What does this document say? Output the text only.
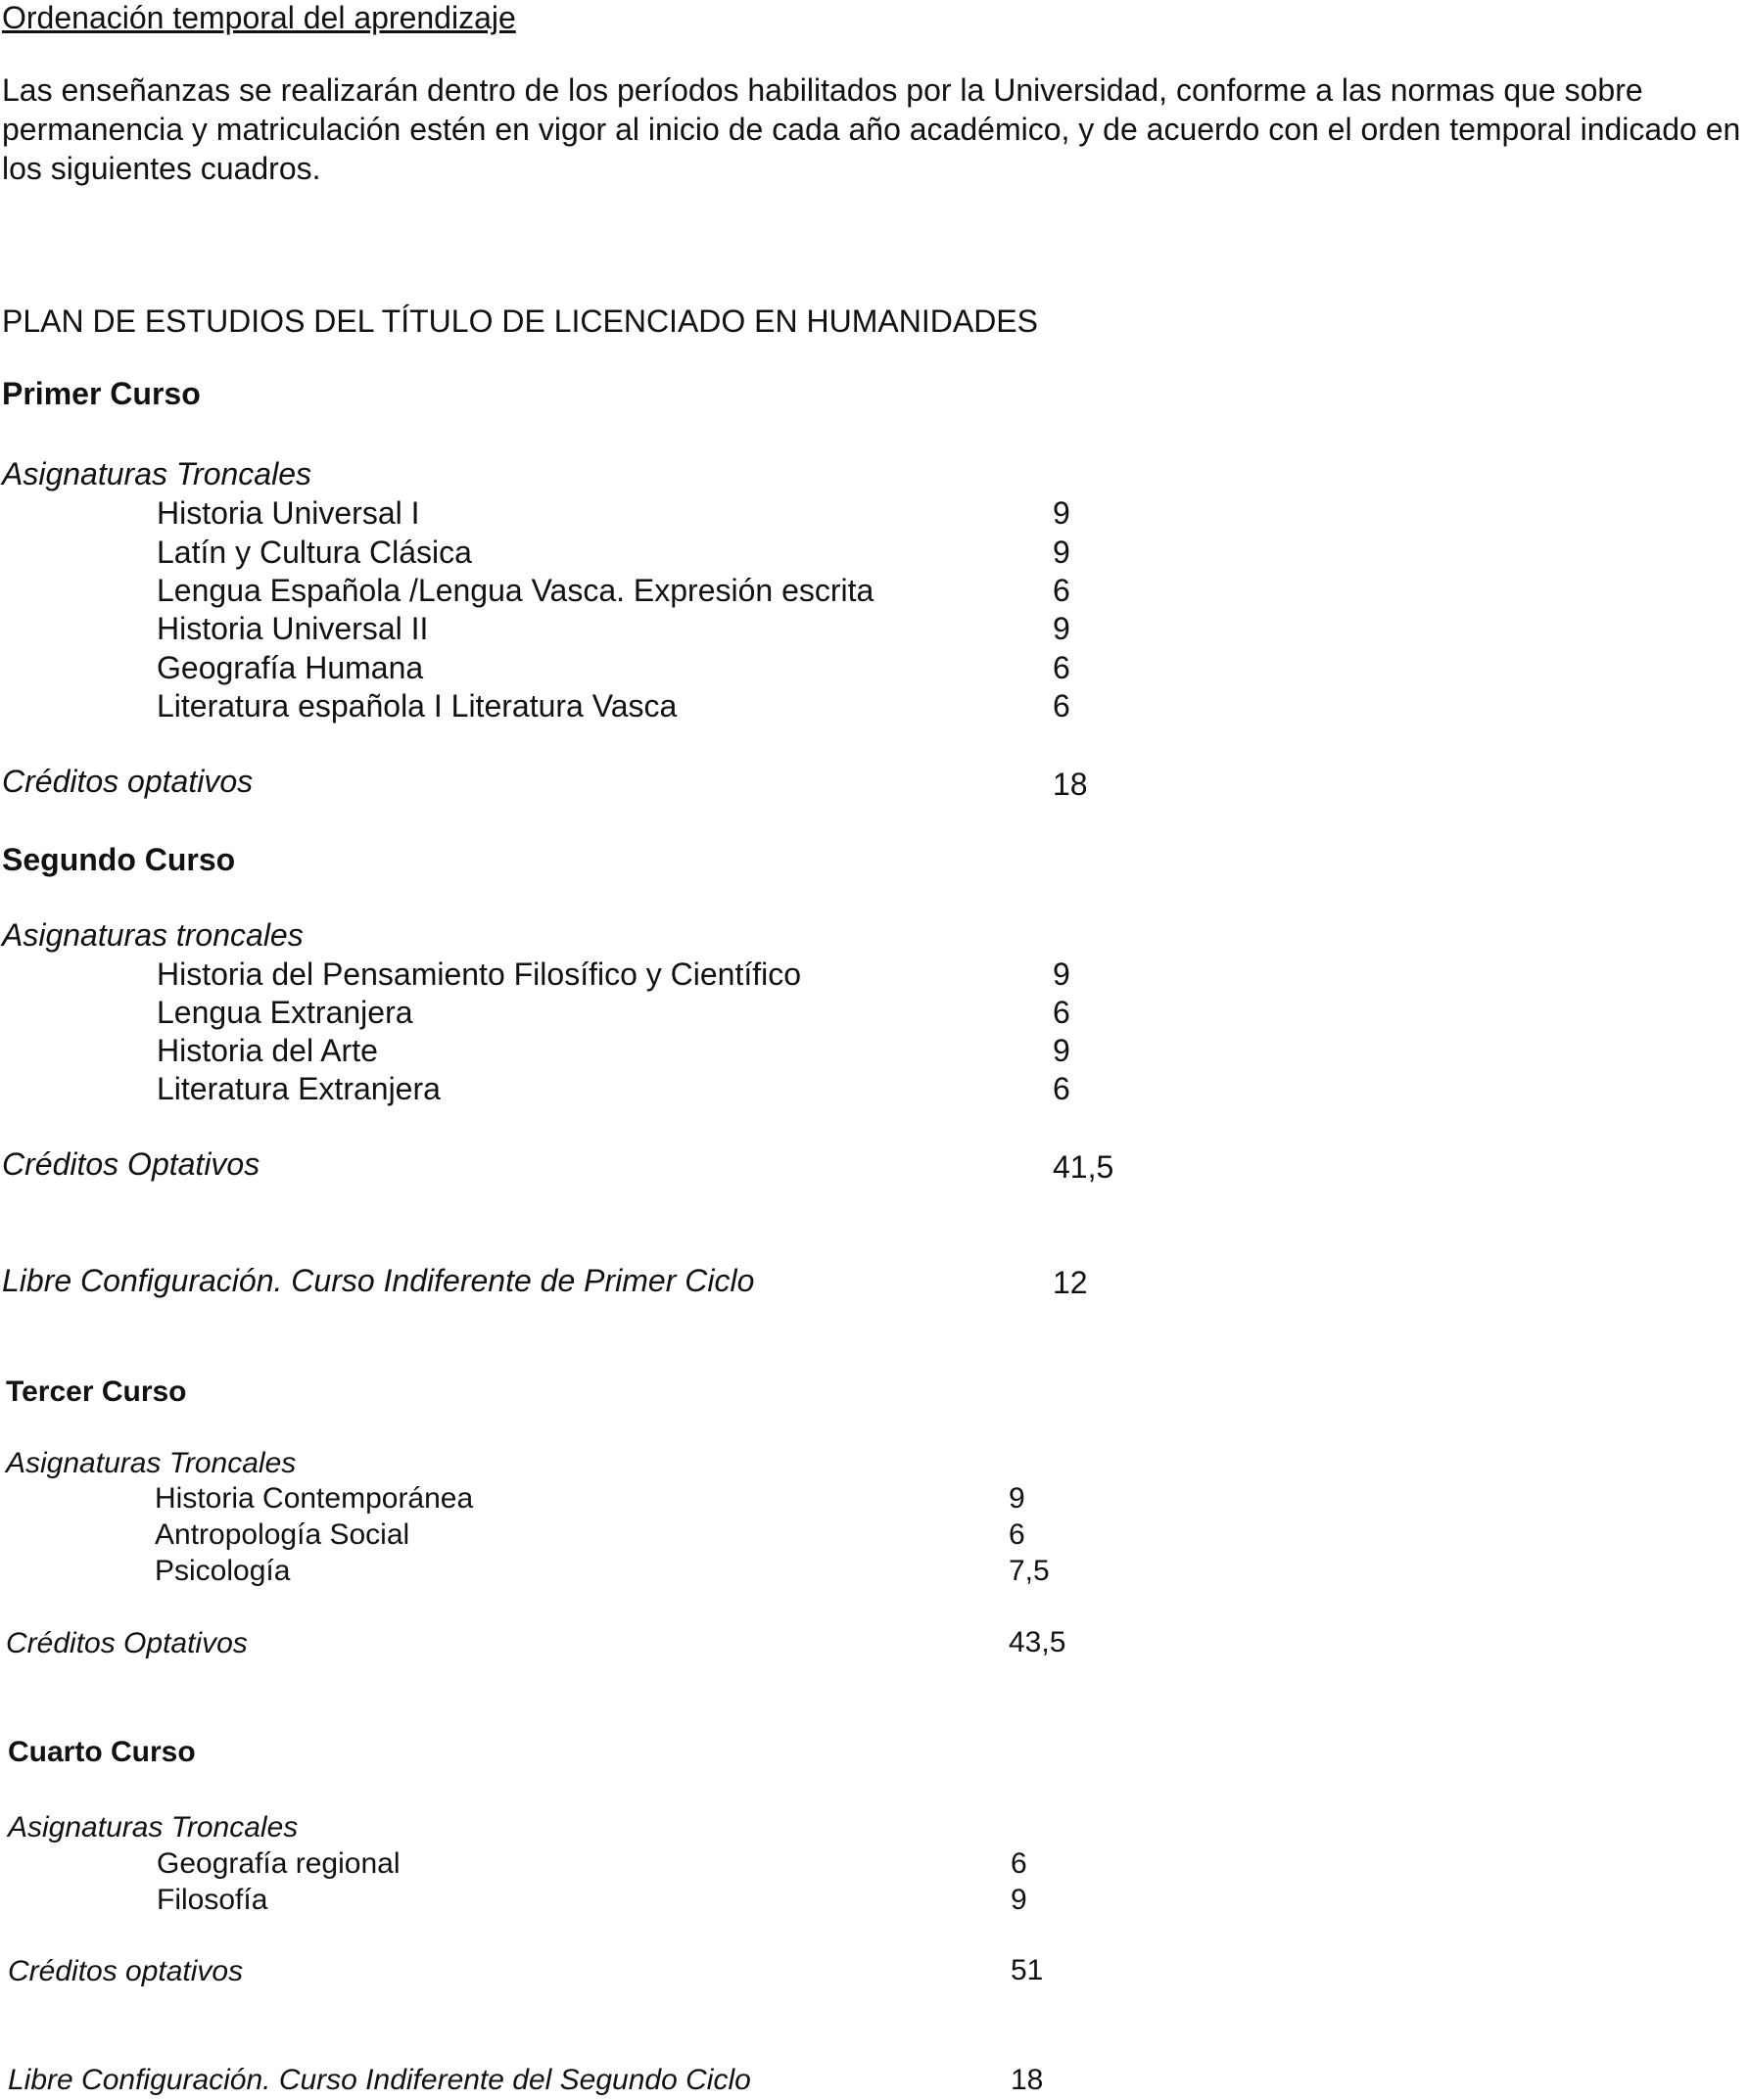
Ordenación temporal del aprendizaje
Las enseñanzas se realizarán dentro de los períodos habilitados por la Universidad, conforme a las normas que sobre permanencia y matriculación estén en vigor al inicio de cada año académico, y de acuerdo con el orden temporal indicado en los siguientes cuadros.
PLAN DE ESTUDIOS DEL TÍTULO DE LICENCIADO EN HUMANIDADES
Primer Curso
Asignaturas Troncales
Historia Universal I	9
Latín y Cultura Clásica	9
Lengua Española /Lengua Vasca. Expresión escrita	6
Historia Universal II	9
Geografía Humana	6
Literatura española I Literatura Vasca	6
Créditos optativos	18
Segundo Curso
Asignaturas troncales
Historia del Pensamiento Filosífico y Científico	9
Lengua Extranjera	6
Historia del Arte	9
Literatura Extranjera	6
Créditos Optativos	41,5
Libre Configuración. Curso Indiferente de Primer Ciclo	12
Tercer Curso
Asignaturas Troncales
Historia Contemporánea	9
Antropología Social	6
Psicología	7,5
Créditos Optativos	43,5
Cuarto Curso
Asignaturas Troncales
Geografía regional	6
Filosofía	9
Créditos optativos	51
Libre Configuración. Curso Indiferente del Segundo Ciclo	18
